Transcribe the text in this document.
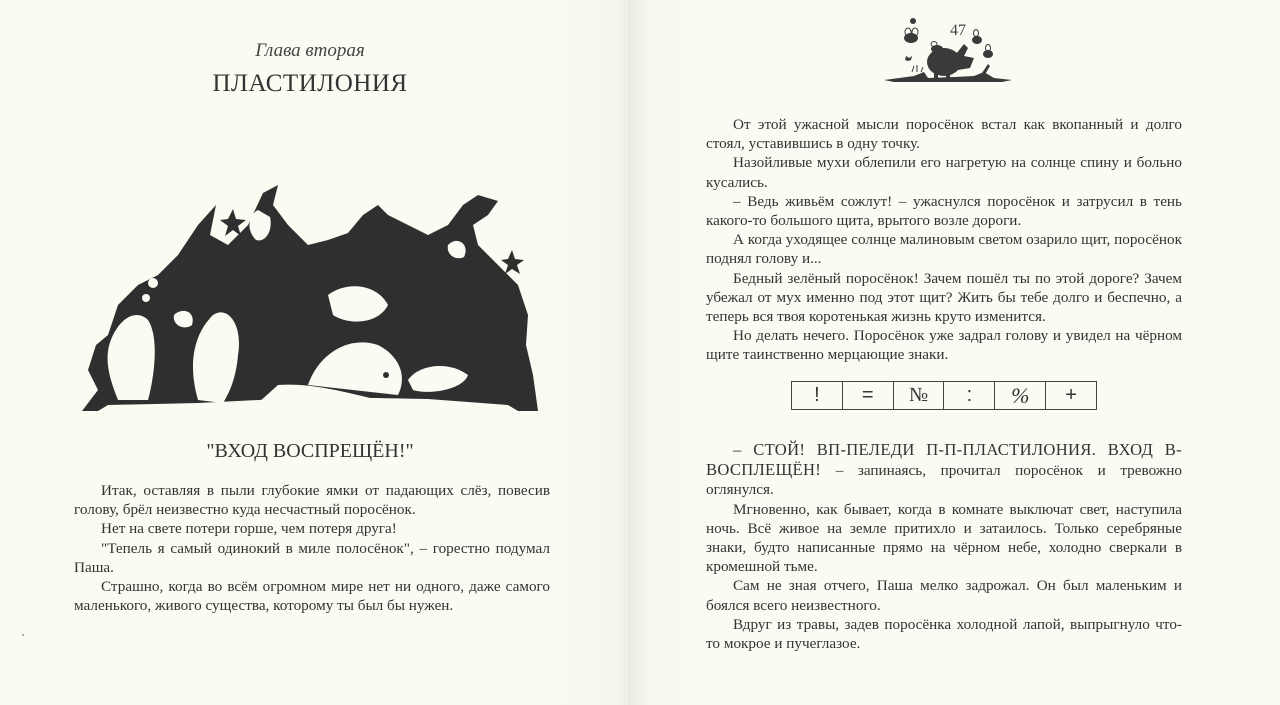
Глава вторая
ПЛАСТИЛОНИЯ
"ВХОД ВОСПРЕЩЁН!"

Итак, оставляя в пыли глубокие ямки от падающих слёз, повесив голову, брёл неизвестно куда несчастный поросёнок.

Нет на свете потери горше, чем потеря друга!

"Тепель я самый одинокий в миле полосёнок", – горестно подумал Паша.

Страшно, когда во всём огромном мире нет ни одного, даже самого маленького, живого существа, которому ты был бы нужен.

47

От этой ужасной мысли поросёнок встал как вкопанный и долго стоял, уставившись в одну точку.

Назойливые мухи облепили его нагретую на солнце спину и больно кусались.

– Ведь живьём сожлут! – ужаснулся поросёнок и затрусил в тень какого-то большого щита, врытого возле дороги.

А когда уходящее солнце малиновым светом озарило щит, поросёнок поднял голову и...

Бедный зелёный поросёнок! Зачем пошёл ты по этой дороге? Зачем убежал от мух именно под этот щит? Жить бы тебе долго и беспечно, а теперь вся твоя коротенькая жизнь круто изменится.

Но делать нечего. Поросёнок уже задрал голову и увидел на чёрном щите таинственно мерцающие знаки.

!	=	№	:	%	+

– СТОЙ! ВП-ПЕЛЕДИ П-П-ПЛАСТИЛОНИЯ. ВХОД В-ВОСПЛЕЩЁН! – запинаясь, прочитал поросёнок и тревожно оглянулся.

Мгновенно, как бывает, когда в комнате выключат свет, наступила ночь. Всё живое на земле притихло и затаилось. Только серебряные знаки, будто написанные прямо на чёрном небе, холодно сверкали в кромешной тьме.

Сам не зная отчего, Паша мелко задрожал. Он был маленьким и боялся всего неизвестного.

Вдруг из травы, задев поросёнка холодной лапой, выпрыгнуло что-то мокрое и пучеглазое.
